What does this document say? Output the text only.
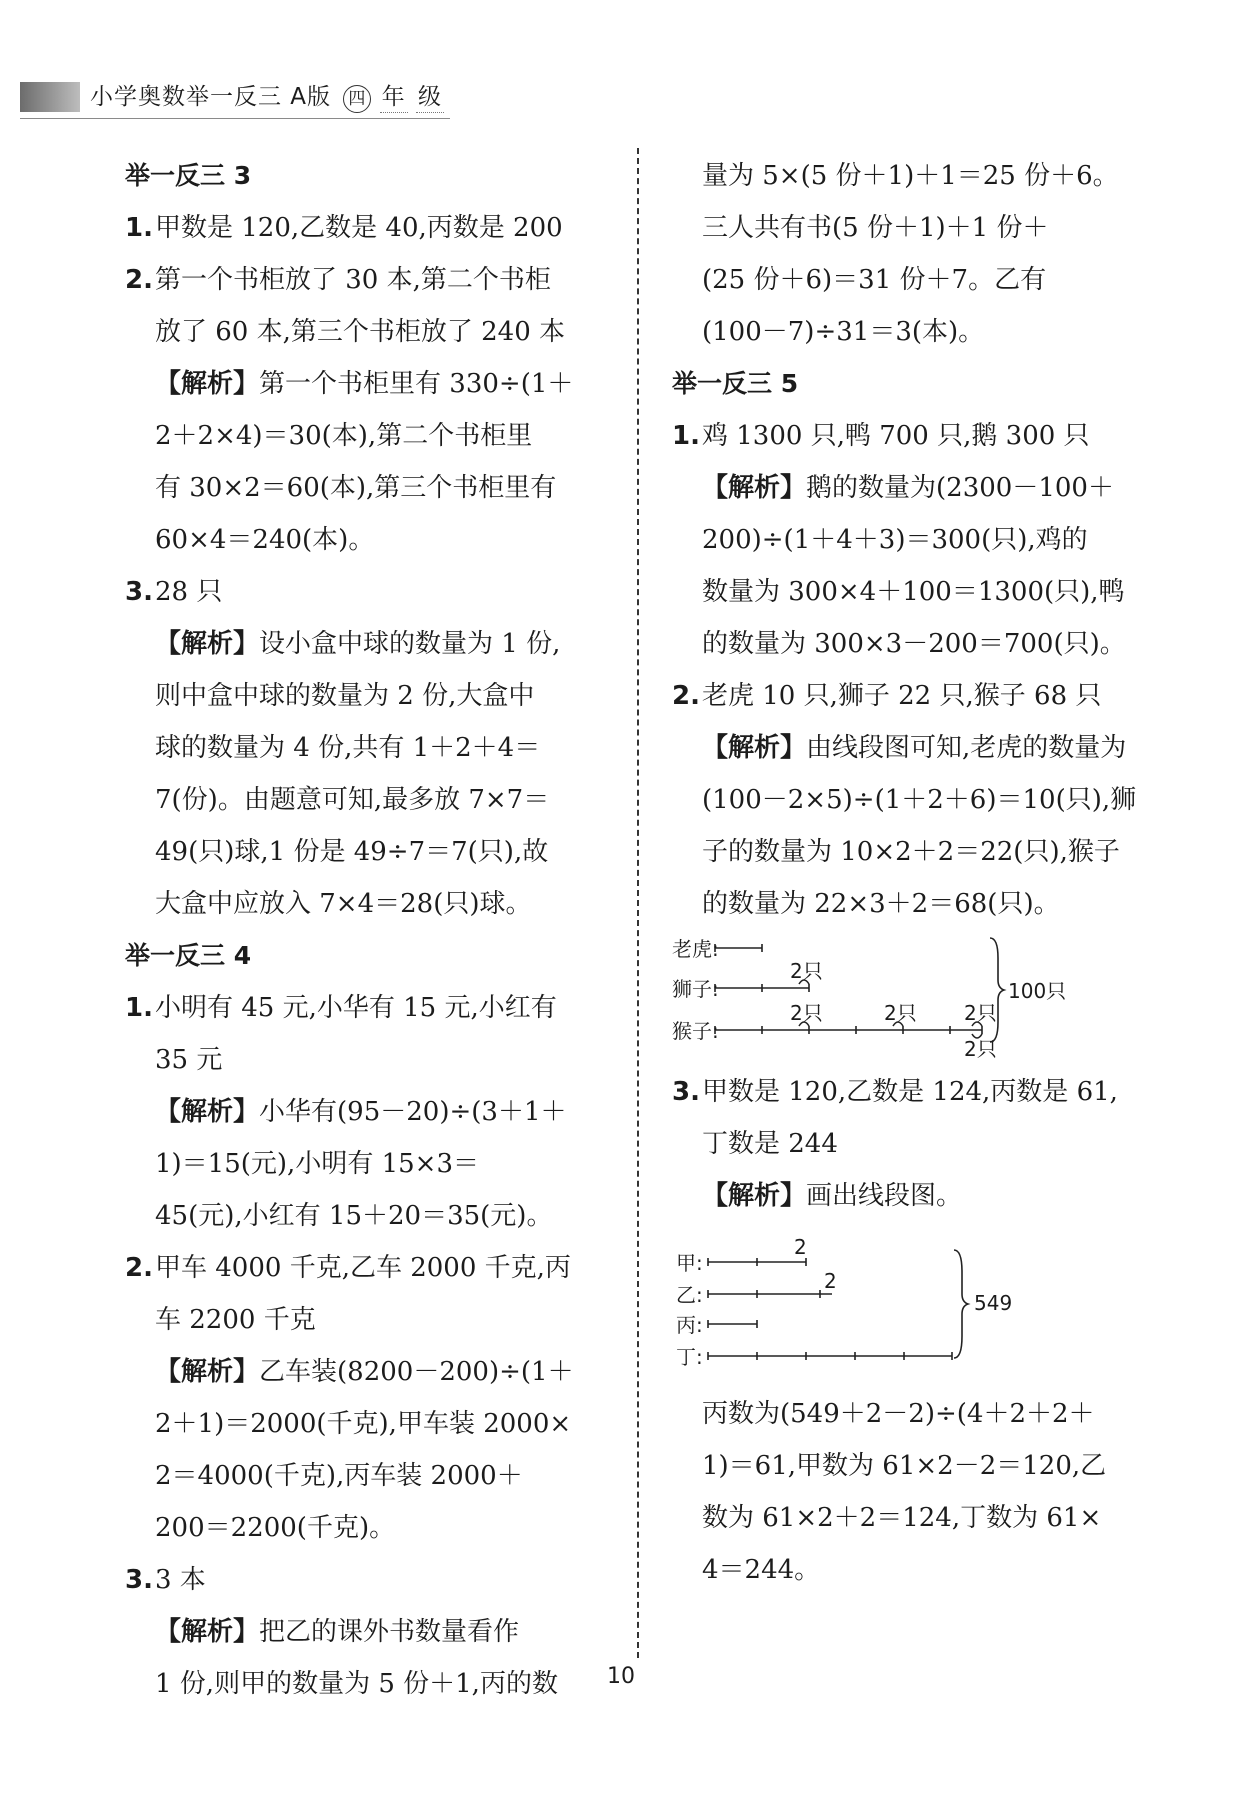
小学奥数举一反三 A版 四 年 级
举一反三 3
1.甲数是 120,乙数是 40,丙数是 200
2.第一个书柜放了 30 本,第二个书柜
放了 60 本,第三个书柜放了 240 本
【解析】第一个书柜里有 330÷(1＋
2＋2×4)＝30(本),第二个书柜里
有 30×2＝60(本),第三个书柜里有
60×4＝240(本)。
3.28 只
【解析】设小盒中球的数量为 1 份,
则中盒中球的数量为 2 份,大盒中
球的数量为 4 份,共有 1＋2＋4＝
7(份)。由题意可知,最多放 7×7＝
49(只)球,1 份是 49÷7＝7(只),故
大盒中应放入 7×4＝28(只)球。
举一反三 4
1.小明有 45 元,小华有 15 元,小红有
35 元
【解析】小华有(95－20)÷(3＋1＋
1)＝15(元),小明有 15×3＝
45(元),小红有 15＋20＝35(元)。
2.甲车 4000 千克,乙车 2000 千克,丙
车 2200 千克
【解析】乙车装(8200－200)÷(1＋
2＋1)＝2000(千克),甲车装 2000×
2＝4000(千克),丙车装 2000＋
200＝2200(千克)。
3.3 本
【解析】把乙的课外书数量看作
1 份,则甲的数量为 5 份＋1,丙的数
量为 5×(5 份＋1)＋1＝25 份＋6。
三人共有书(5 份＋1)＋1 份＋
(25 份＋6)＝31 份＋7。乙有
(100－7)÷31＝3(本)。
举一反三 5
1.鸡 1300 只,鸭 700 只,鹅 300 只
【解析】鹅的数量为(2300－100＋
200)÷(1＋4＋3)＝300(只),鸡的
数量为 300×4＋100＝1300(只),鸭
的数量为 300×3－200＝700(只)。
2.老虎 10 只,狮子 22 只,猴子 68 只
【解析】由线段图可知,老虎的数量为
(100－2×5)÷(1＋2＋6)＝10(只),狮
子的数量为 10×2＋2＝22(只),猴子
的数量为 22×3＋2＝68(只)。
老虎:
狮子:
猴子:
2只
2只	2只 2只
2只
100只
3.甲数是 120,乙数是 124,丙数是 61,
丁数是 244
【解析】画出线段图。
甲:
乙:
丙:
丁:
2
2
549
丙数为(549＋2－2)÷(4＋2＋2＋
1)＝61,甲数为 61×2－2＝120,乙
数为 61×2＋2＝124,丁数为 61×
4＝244。
10
